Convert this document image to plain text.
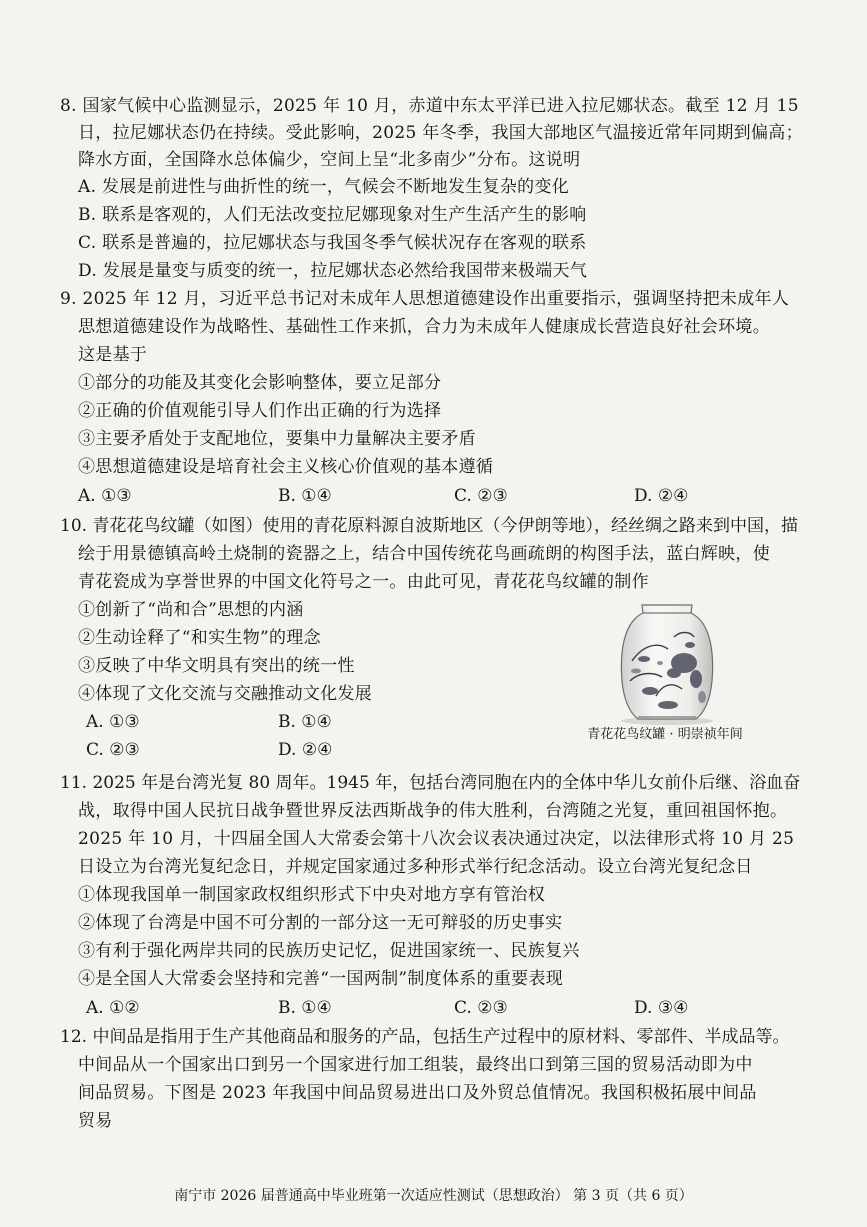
8. 国家气候中心监测显示，2025 年 10 月，赤道中东太平洋已进入拉尼娜状态。截至 12 月 15
日，拉尼娜状态仍在持续。受此影响，2025 年冬季，我国大部地区气温接近常年同期到偏高；
降水方面，全国降水总体偏少，空间上呈“北多南少”分布。这说明
A. 发展是前进性与曲折性的统一，气候会不断地发生复杂的变化
B. 联系是客观的，人们无法改变拉尼娜现象对生产生活产生的影响
C. 联系是普遍的，拉尼娜状态与我国冬季气候状况存在客观的联系
D. 发展是量变与质变的统一，拉尼娜状态必然给我国带来极端天气
9. 2025 年 12 月，习近平总书记对未成年人思想道德建设作出重要指示，强调坚持把未成年人
思想道德建设作为战略性、基础性工作来抓，合力为未成年人健康成长营造良好社会环境。
这是基于
①部分的功能及其变化会影响整体，要立足部分
②正确的价值观能引导人们作出正确的行为选择
③主要矛盾处于支配地位，要集中力量解决主要矛盾
④思想道德建设是培育社会主义核心价值观的基本遵循
A. ①③	B. ①④	C. ②③	D. ②④
10. 青花花鸟纹罐（如图）使用的青花原料源自波斯地区（今伊朗等地），经丝绸之路来到中国，描
绘于用景德镇高岭土烧制的瓷器之上，结合中国传统花鸟画疏朗的构图手法，蓝白辉映，使
青花瓷成为享誉世界的中国文化符号之一。由此可见，青花花鸟纹罐的制作
①创新了“尚和合”思想的内涵
②生动诠释了“和实生物”的理念
③反映了中华文明具有突出的统一性
④体现了文化交流与交融推动文化发展
A. ①③	B. ①④
C. ②③	D. ②④
青花花鸟纹罐 · 明崇祯年间
11. 2025 年是台湾光复 80 周年。1945 年，包括台湾同胞在内的全体中华儿女前仆后继、浴血奋
战，取得中国人民抗日战争暨世界反法西斯战争的伟大胜利，台湾随之光复，重回祖国怀抱。
2025 年 10 月，十四届全国人大常委会第十八次会议表决通过决定，以法律形式将 10 月 25
日设立为台湾光复纪念日，并规定国家通过多种形式举行纪念活动。设立台湾光复纪念日
①体现我国单一制国家政权组织形式下中央对地方享有管治权
②体现了台湾是中国不可分割的一部分这一无可辩驳的历史事实
③有利于强化两岸共同的民族历史记忆，促进国家统一、民族复兴
④是全国人大常委会坚持和完善“一国两制”制度体系的重要表现
A. ①②	B. ①④	C. ②③	D. ③④
12. 中间品是指用于生产其他商品和服务的产品，包括生产过程中的原材料、零部件、半成品等。
中间品从一个国家出口到另一个国家进行加工组装，最终出口到第三国的贸易活动即为中
间品贸易。下图是 2023 年我国中间品贸易进出口及外贸总值情况。我国积极拓展中间品
贸易
南宁市 2026 届普通高中毕业班第一次适应性测试（思想政治） 第 3 页（共 6 页）
